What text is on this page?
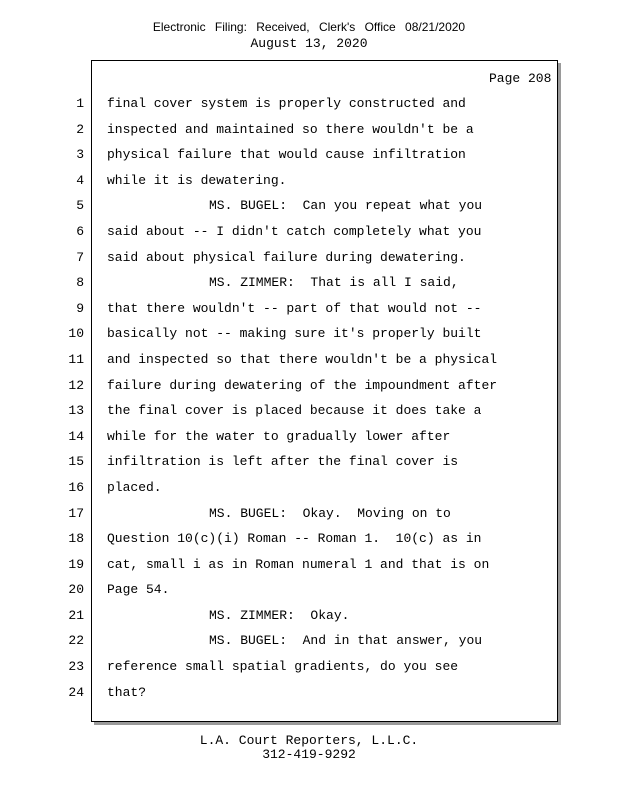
Electronic Filing: Received, Clerk's Office 08/21/2020
August 13, 2020
Page 208
1 final cover system is properly constructed and
2 inspected and maintained so there wouldn't be a
3 physical failure that would cause infiltration
4 while it is dewatering.
5	MS. BUGEL:  Can you repeat what you
6 said about -- I didn't catch completely what you
7 said about physical failure during dewatering.
8	MS. ZIMMER:  That is all I said,
9 that there wouldn't -- part of that would not --
10 basically not -- making sure it's properly built
11 and inspected so that there wouldn't be a physical
12 failure during dewatering of the impoundment after
13 the final cover is placed because it does take a
14 while for the water to gradually lower after
15 infiltration is left after the final cover is
16 placed.
17	MS. BUGEL:  Okay.  Moving on to
18 Question 10(c)(i) Roman -- Roman 1.  10(c) as in
19 cat, small i as in Roman numeral 1 and that is on
20 Page 54.
21	MS. ZIMMER:  Okay.
22	MS. BUGEL:  And in that answer, you
23 reference small spatial gradients, do you see
24 that?
L.A. Court Reporters, L.L.C.
312-419-9292
